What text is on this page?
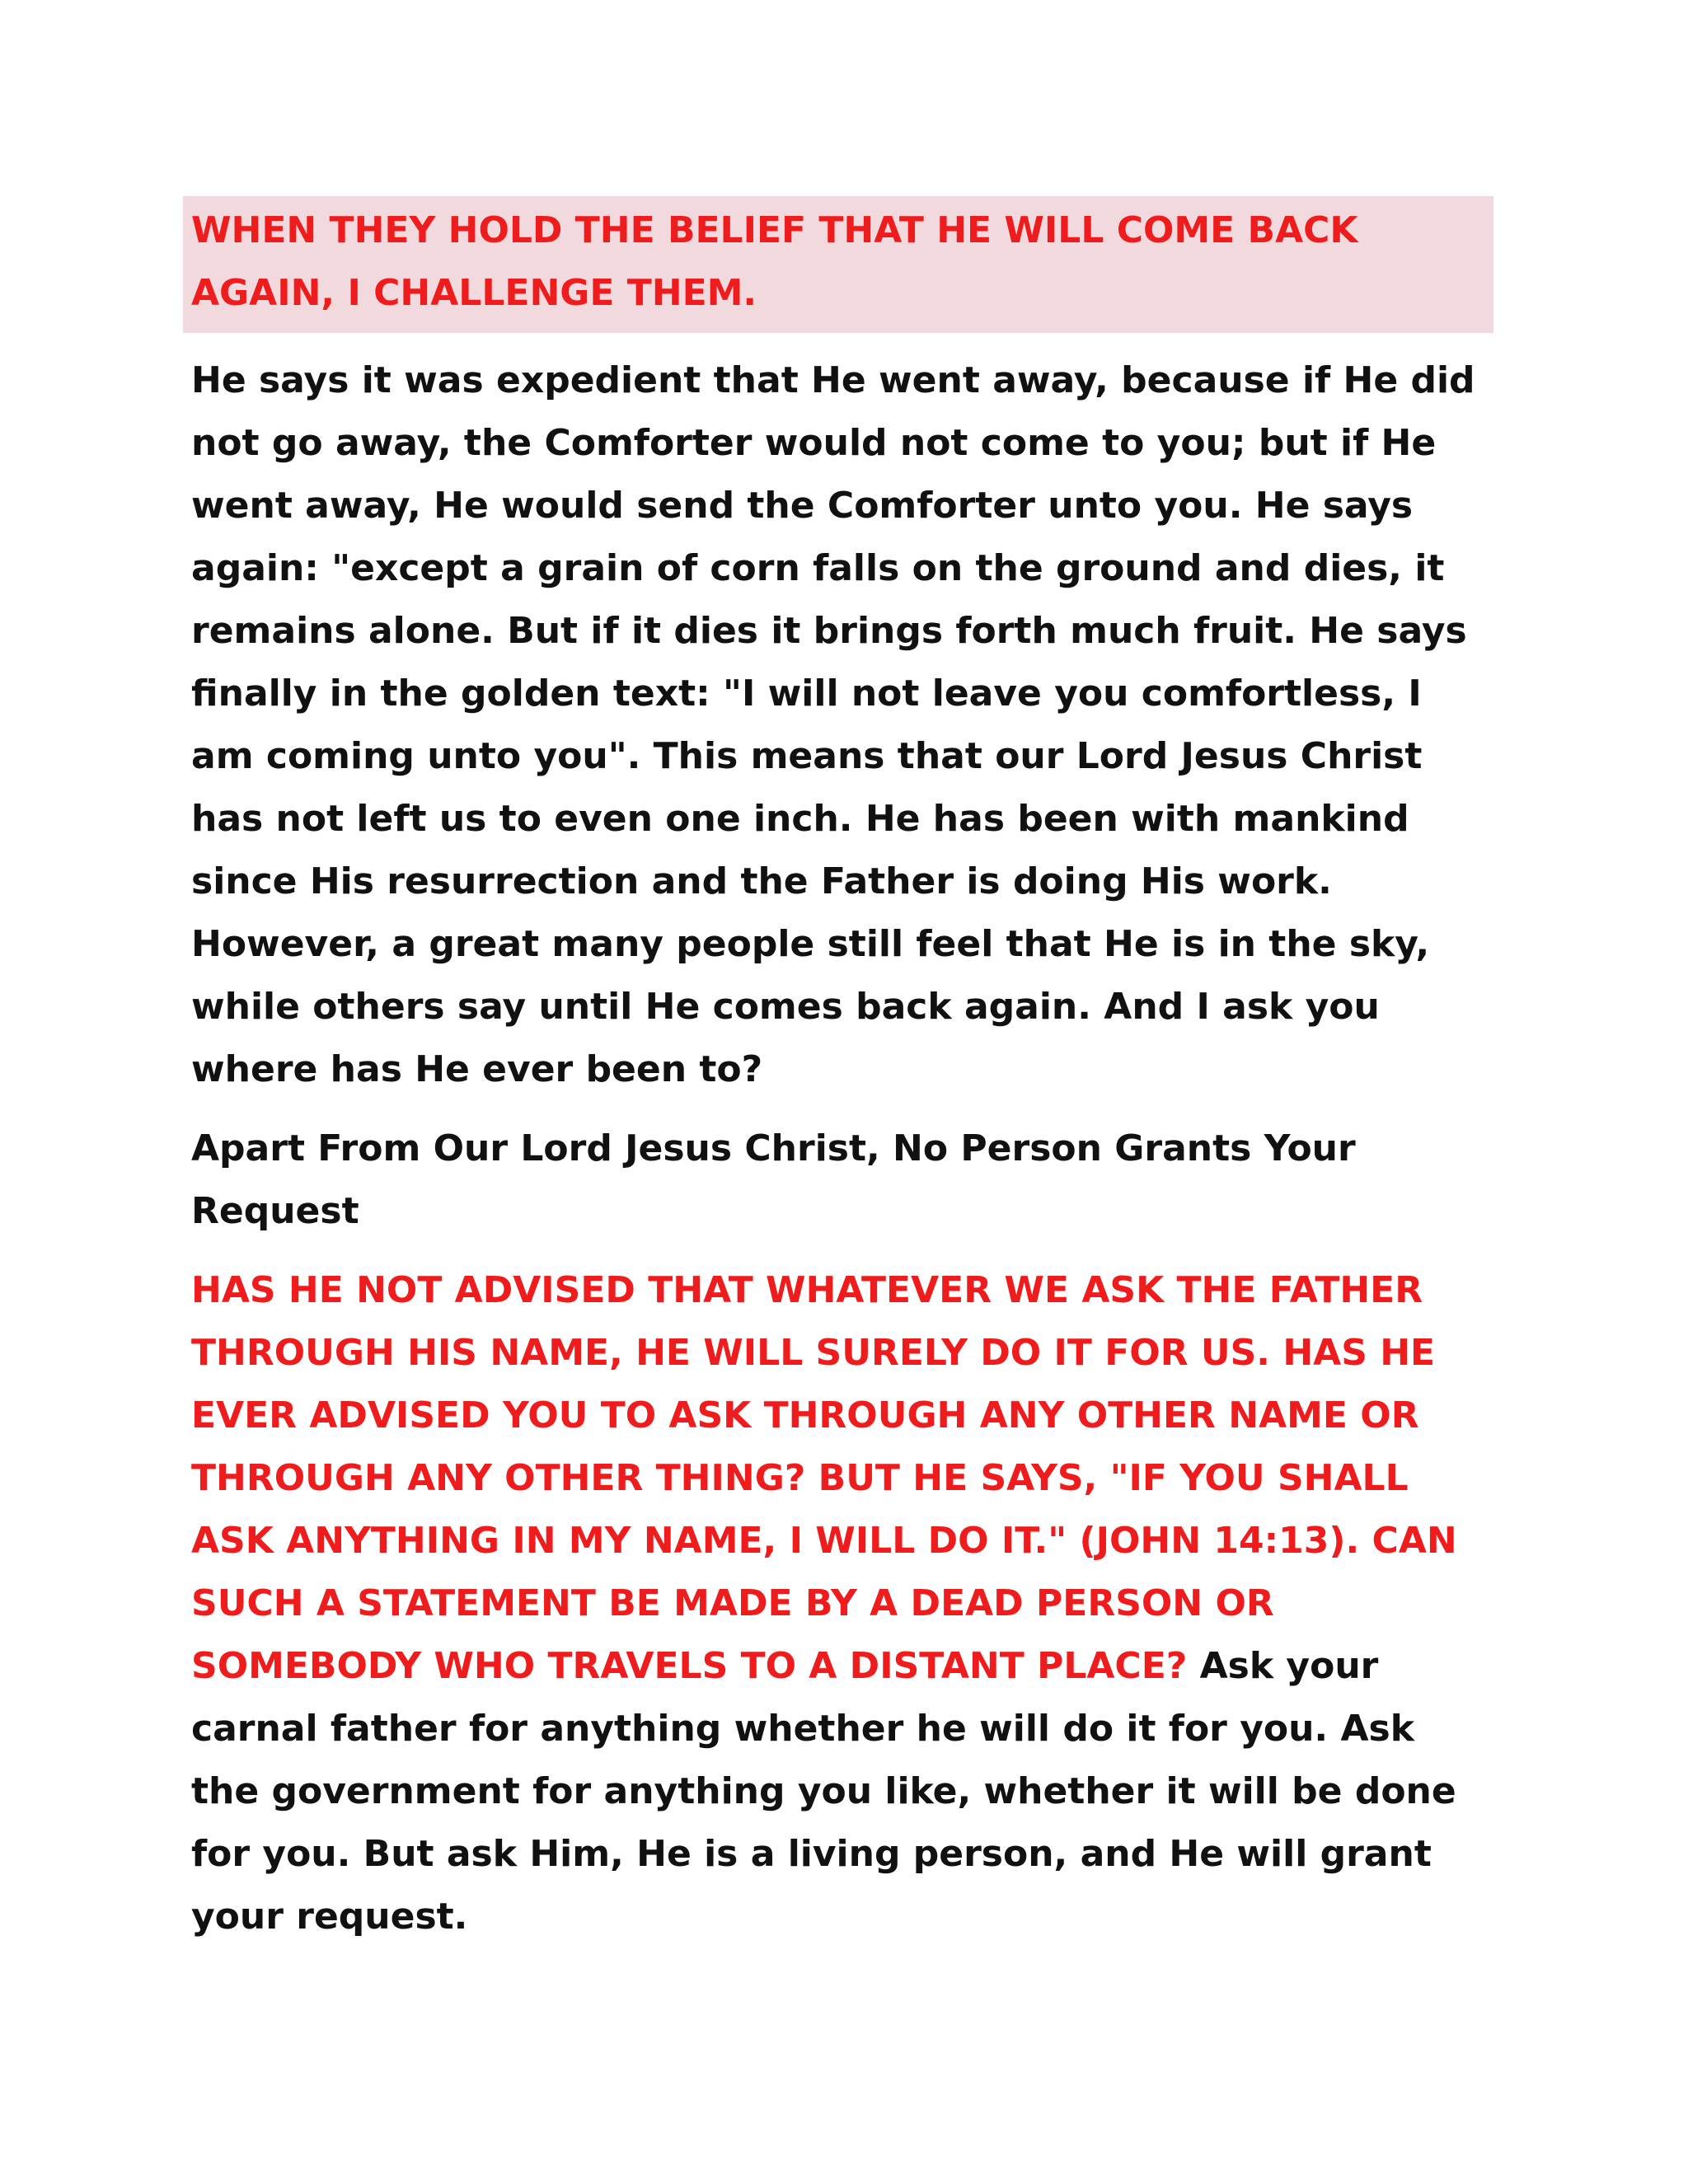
WHEN THEY HOLD THE BELIEF THAT HE WILL COME BACK AGAIN, I CHALLENGE THEM.

He says it was expedient that He went away, because if He did not go away, the Comforter would not come to you; but if He went away, He would send the Comforter unto you. He says again: "except a grain of corn falls on the ground and dies, it remains alone. But if it dies it brings forth much fruit. He says finally in the golden text: "I will not leave you comfortless, I am coming unto you". This means that our Lord Jesus Christ has not left us to even one inch. He has been with mankind since His resurrection and the Father is doing His work. However, a great many people still feel that He is in the sky, while others say until He comes back again. And I ask you where has He ever been to?

Apart From Our Lord Jesus Christ, No Person Grants Your Request

HAS HE NOT ADVISED THAT WHATEVER WE ASK THE FATHER THROUGH HIS NAME, HE WILL SURELY DO IT FOR US. HAS HE EVER ADVISED YOU TO ASK THROUGH ANY OTHER NAME OR THROUGH ANY OTHER THING? BUT HE SAYS, "IF YOU SHALL ASK ANYTHING IN MY NAME, I WILL DO IT." (JOHN 14:13). CAN SUCH A STATEMENT BE MADE BY A DEAD PERSON OR SOMEBODY WHO TRAVELS TO A DISTANT PLACE? Ask your carnal father for anything whether he will do it for you. Ask the government for anything you like, whether it will be done for you. But ask Him, He is a living person, and He will grant your request.
